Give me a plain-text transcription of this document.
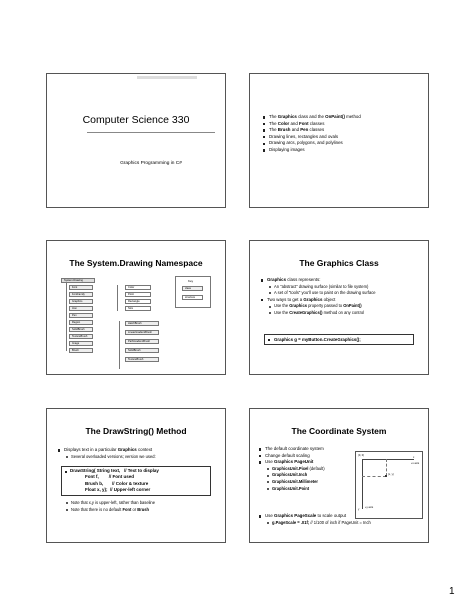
Computer Science 330
Graphics Programming in C#
The Graphics class and the OnPaint() method
The Color and Font classes
The Brush and Pen classes
Drawing lines, rectangles and ovals
Drawing arcs, polygons, and polylines
Displaying images
The System.Drawing Namespace
System.Drawing
Font
FontFamily
Graphics
Icon
Pen
Region
SolidBrush
TextureBrush
Image
Brush
Color
Point
Rectangle
Size
HatchBrush
LinearGradientBrush
PathGradientBrush
SolidBrush
TextureBrush
Key
class
structure
The Graphics Class
Graphics class represents:
An "abstract" drawing surface (similar to file system)
A set of "tools" you'll use to paint on the drawing surface
Two ways to get a Graphics object
Use the Graphics property passed to OnPaint()
Use the CreateGraphics() method on any control
Graphics g = myButton.CreateGraphics();
The DrawString() Method
Displays text in a particular Graphics context
Several overloaded versions; version we used:
DrawString( String text,   // Text to display
Font f,        // Font used
Brush b,       // Color & texture
Float x, y);  // Upper-left corner
Note that x,y is upper-left, rather than baseline
Note that there is no default Font or Brush
The Coordinate System
The default coordinate system
Change default scaling
Use Graphics PageUnit
GraphicsUnit.Pixel (default)
GraphicsUnit.Inch
GraphicsUnit.Millimeter
GraphicsUnit.Point
Use Graphics PageScale to scale output
g.PageScale = .01f; // 1/100 of inch if PageUnit = Inch
(0, 0)
x
+x axis
(x, y)
y
+y axis
1
